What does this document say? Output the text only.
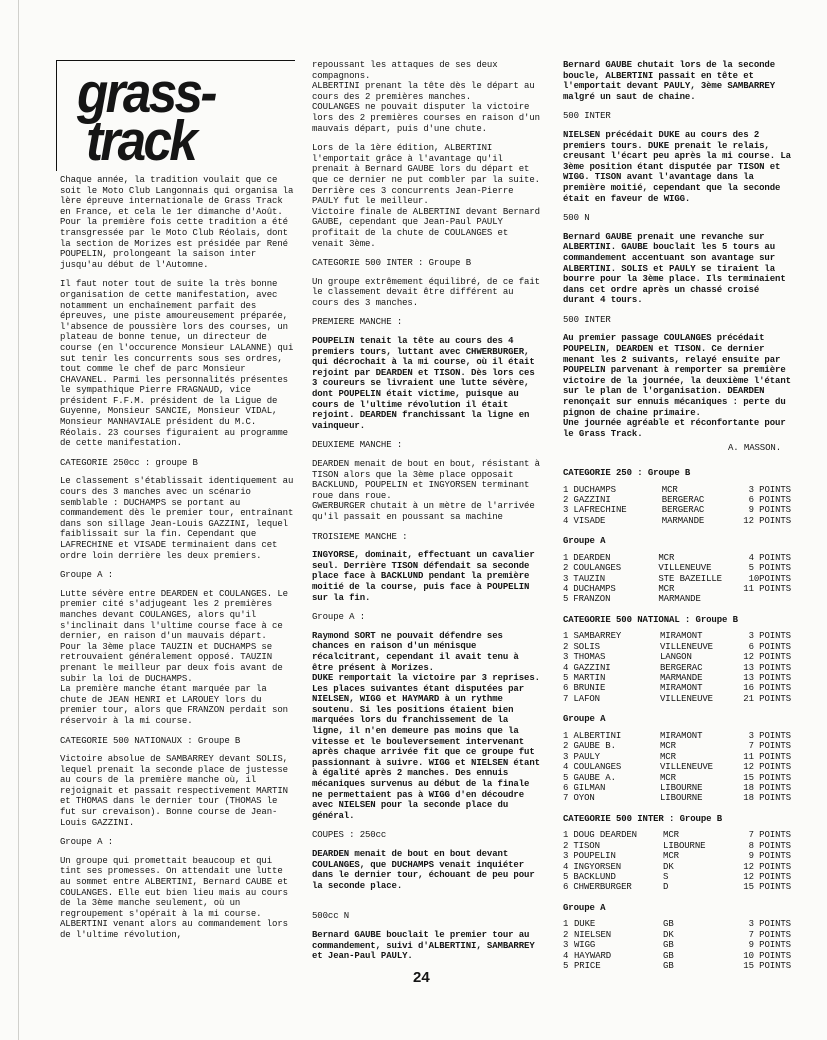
grass-
track

Chaque année, la tradition voulait que ce soit le Moto Club Langonnais qui organisa la lère épreuve internationale de Grass Track en France, et cela le 1er dimanche d'Août. Pour la première fois cette tradition a été transgressée par le Moto Club Réolais, dont la section de Morizes est présidée par René POUPELIN, prolongeant la saison inter jusqu'au début de l'Automne.

Il faut noter tout de suite la très bonne organisation de cette manifestation, avec notamment un enchaînement parfait des épreuves, une piste amoureusement préparée, l'absence de poussière lors des courses, un plateau de bonne tenue, un directeur de course (en l'occurence Monsieur LALANNE) qui sut tenir les concurrents sous ses ordres, tout comme le chef de parc Monsieur CHAVANEL. Parmi les personnalités présentes le sympathique Pierre FRAGNAUD, vice président F.F.M. président de la Ligue de Guyenne, Monsieur SANCIE, Monsieur VIDAL, Monsieur MANHAVIALE président du M.C. Réolais. 23 courses figuraient au programme de cette manifestation.

CATEGORIE 250cc : groupe B

Le classement s'établissait identiquement au cours des 3 manches avec un scénario semblable : DUCHAMPS se portant au commandement dès le premier tour, entraînant dans son sillage Jean-Louis GAZZINI, lequel faiblissait sur la fin. Cependant que LAFRECHINE et VISADE terminaient dans cet ordre loin derrière les deux premiers.

Groupe A :

Lutte sévère entre DEARDEN et COULANGES. Le premier cité s'adjugeant les 2 premières manches devant COULANGES, alors qu'il s'inclinait dans l'ultime course face à ce dernier, en raison d'un mauvais départ.

Pour la 3ème place TAUZIN et DUCHAMPS se retrouvaient généralement opposé. TAUZIN prenant le meilleur par deux fois avant de subir la loi de DUCHAMPS.

La première manche étant marquée par la chute de JEAN HENRI et LAROUEY lors du premier tour, alors que FRANZON perdait son réservoir à la mi course.

CATEGORIE 500 NATIONAUX : Groupe B

Victoire absolue de SAMBARREY devant SOLIS, lequel prenait la seconde place de justesse au cours de la première manche où, il rejoignait et passait respectivement MARTIN et THOMAS dans le dernier tour (THOMAS le fut sur crevaison). Bonne course de Jean-Louis GAZZINI.

Groupe A :

Un groupe qui promettait beaucoup et qui tint ses promesses. On attendait une lutte au sommet entre ALBERTINI, Bernard CAUBE et COULANGES. Elle eut bien lieu mais au cours de la 3ème manche seulement, où un regroupement s'opérait à la mi course. ALBERTINI venant alors au commandement lors de l'ultime révolution,

repoussant les attaques de ses deux compagnons.

ALBERTINI prenant la tête dès le départ au cours des 2 premières manches.

COULANGES ne pouvait disputer la victoire lors des 2 premières courses en raison d'un mauvais départ, puis d'une chute.

Lors de la 1ère édition, ALBERTINI l'emportait grâce à l'avantage qu'il prenait à Bernard GAUBE lors du départ et que ce dernier ne put combler par la suite. Derrière ces 3 concurrents Jean-Pierre PAULY fut le meilleur.

Victoire finale de ALBERTINI devant Bernard GAUBE, cependant que Jean-Paul PAULY profitait de la chute de COULANGES et venait 3ème.

CATEGORIE 500 INTER : Groupe B

Un groupe extrêmement équilibré, de ce fait le classement devait être différent au cours des 3 manches.

PREMIERE MANCHE :

POUPELIN tenait la tête au cours des 4 premiers tours, luttant avec CHWERBURGER, qui décrochait à la mi course, où il était rejoint par DEARDEN et TISON. Dès lors ces 3 coureurs se livraient une lutte sévère, dont POUPELIN était victime, puisque au cours de l'ultime révolution il était rejoint. DEARDEN franchissant la ligne en vainqueur.

DEUXIEME MANCHE :

DEARDEN menait de bout en bout, résistant à TISON alors que la 3ème place opposait BACKLUND, POUPELIN et INGYORSEN terminant roue dans roue.

GWERBURGER chutait à un mètre de l'arrivée qu'il passait en poussant sa machine

TROISIEME MANCHE :

INGYORSE, dominait, effectuant un cavalier seul. Derrière TISON défendait sa seconde place face à BACKLUND pendant la première moitié de la course, puis face à POUPELIN sur la fin.

Groupe A :

Raymond SORT ne pouvait défendre ses chances en raison d'un ménisque récalcitrant, cependant il avait tenu à être présent à Morizes.

DUKE remportait la victoire par 3 reprises. Les places suivantes étant disputées par NIELSEN, WIGG et HAYMARD à un rythme soutenu. Si les positions étaient bien marquées lors du franchissement de la ligne, il n'en demeure pas moins que la vitesse et le bouleversement intervenant après chaque arrivée fit que ce groupe fut passionnant à suivre. WIGG et NIELSEN étant à égalité après 2 manches. Des ennuis mécaniques survenus au début de la finale ne permettaient pas à WIGG d'en découdre avec NIELSEN pour la seconde place du général.

COUPES : 250cc

DEARDEN menait de bout en bout devant COULANGES, que DUCHAMPS venait inquiéter dans le dernier tour, échouant de peu pour la seconde place.

500cc N

Bernard GAUBE bouclait le premier tour au commandement, suivi d'ALBERTINI, SAMBARREY et Jean-Paul PAULY.

Bernard GAUBE chutait lors de la seconde boucle, ALBERTINI passait en tête et l'emportait devant PAULY, 3ème SAMBARREY malgré un saut de chaine.

500 INTER

NIELSEN précédait DUKE au cours des 2 premiers tours. DUKE prenait le relais, creusant l'écart peu après la mi course. La 3ème position étant disputée par TISON et WIGG. TISON avant l'avantage dans la première moitié, cependant que la seconde était en faveur de WIGG.

500 N

Bernard GAUBE prenait une revanche sur ALBERTINI. GAUBE bouclait les 5 tours au commandement accentuant son avantage sur ALBERTINI. SOLIS et PAULY se tiraient la bourre pour la 3ème place. Ils terminaient dans cet ordre après un chassé croisé durant 4 tours.

500 INTER

Au premier passage COULANGES précédait POUPELIN, DEARDEN et TISON. Ce dernier menant les 2 suivants, relayé ensuite par POUPELIN parvenant à remporter sa première victoire de la journée, la deuxième l'étant sur le plan de l'organisation. DEARDEN renonçait sur ennuis mécaniques : perte du pignon de chaine primaire.

Une journée agréable et réconfortante pour le Grass Track.

A. MASSON.
CATEGORIE 250 : Groupe B
1	DUCHAMPS	MCR	3 POINTS
2	GAZZINI	BERGERAC	6 POINTS
3	LAFRECHINE	BERGERAC	9 POINTS
4	VISADE	MARMANDE	12 POINTS
Groupe A
1	DEARDEN	MCR	4 POINTS
2	COULANGES	VILLENEUVE	5 POINTS
3	TAUZIN	STE BAZEILLE	10POINTS
4	DUCHAMPS	MCR	11 POINTS
5	FRANZON	MARMANDE	
CATEGORIE 500 NATIONAL : Groupe B
1	SAMBARREY	MIRAMONT	3 POINTS
2	SOLIS	VILLENEUVE	6 POINTS
3	THOMAS	LANGON	12 POINTS
4	GAZZINI	BERGERAC	13 POINTS
5	MARTIN	MARMANDE	13 POINTS
6	BRUNIE	MIRAMONT	16 POINTS
7	LAFON	VILLENEUVE	21 POINTS
Groupe A
1	ALBERTINI	MIRAMONT	3 POINTS
2	GAUBE B.	MCR	7 POINTS
3	PAULY	MCR	11 POINTS
4	COULANGES	VILLENEUVE	12 POINTS
5	GAUBE A.	MCR	15 POINTS
6	GILMAN	LIBOURNE	18 POINTS
7	OYON	LIBOURNE	18 POINTS
CATEGORIE 500 INTER : Groupe B
1	DOUG DEARDEN	MCR	7 POINTS
2	TISON	LIBOURNE	8 POINTS
3	POUPELIN	MCR	9 POINTS
4	INGYORSEN	DK	12 POINTS
5	BACKLUND	S	12 POINTS
6	CHWERBURGER	D	15 POINTS
Groupe A
1	DUKE	GB	3 POINTS
2	NIELSEN	DK	7 POINTS
3	WIGG	GB	9 POINTS
4	HAYWARD	GB	10 POINTS
5	PRICE	GB	15 POINTS
24
